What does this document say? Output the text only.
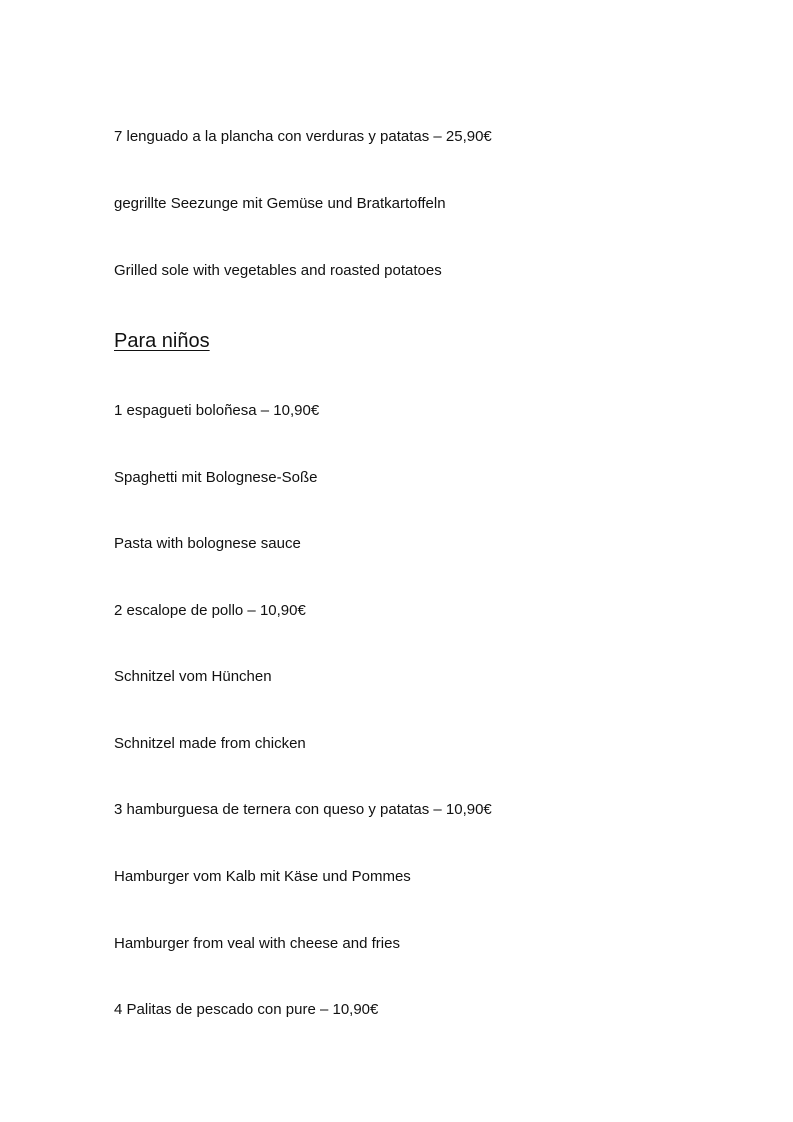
7 lenguado a la plancha con verduras y patatas – 25,90€
gegrillte Seezunge mit Gemüse und Bratkartoffeln
Grilled sole with vegetables and roasted potatoes
Para niños
1 espagueti boloñesa – 10,90€
Spaghetti mit Bolognese-Soße
Pasta with bolognese sauce
2 escalope de pollo – 10,90€
Schnitzel vom Hünchen
Schnitzel made from chicken
3 hamburguesa de ternera con queso y patatas – 10,90€
Hamburger vom Kalb mit Käse und Pommes
Hamburger from veal with cheese and fries
4 Palitas de pescado con pure – 10,90€
